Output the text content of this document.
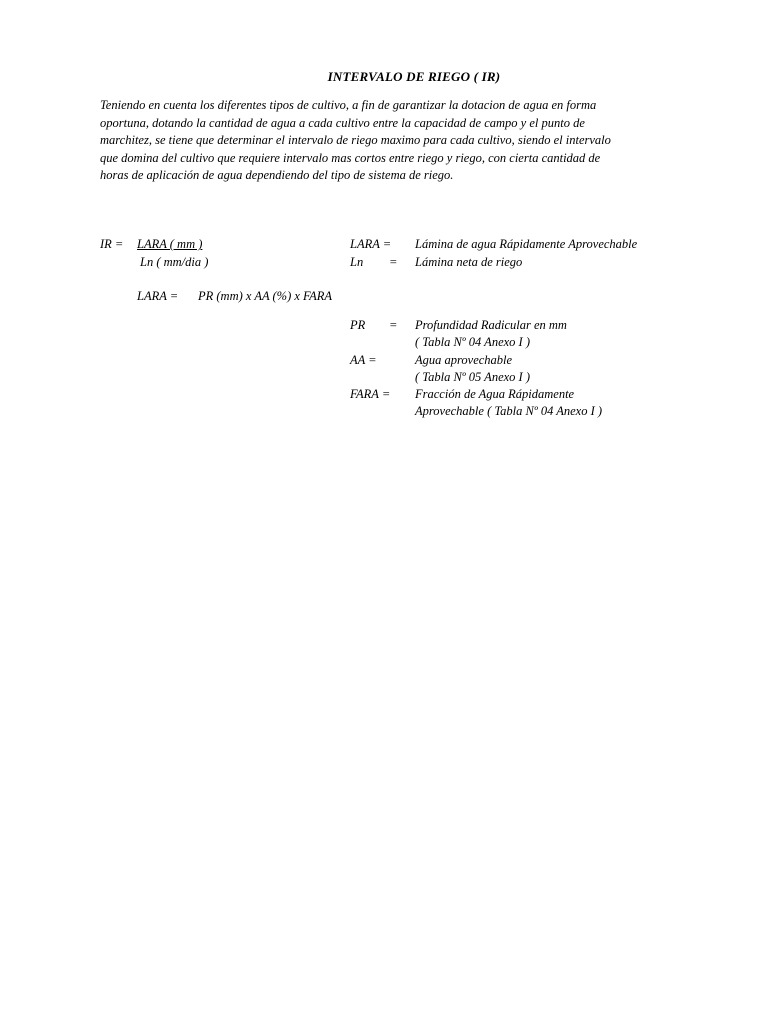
INTERVALO DE RIEGO ( IR)
Teniendo en cuenta los diferentes tipos de cultivo, a fin de garantizar la dotacion de agua en forma
oportuna, dotando la cantidad de agua a cada cultivo entre la capacidad de campo y el punto de
marchitez, se tiene que determinar el intervalo de riego maximo para cada cultivo, siendo el intervalo
que domina del cultivo que requiere intervalo mas cortos entre riego y riego, con cierta cantidad de
horas de aplicación de agua dependiendo del tipo de sistema de riego.
IR = LARA ( mm )
Ln ( mm/dia )
LARA = Lámina de agua Rápidamente Aprovechable
Ln = Lámina neta de riego
LARA = PR (mm) x AA (%) x FARA
PR = Profundidad Radicular en mm
( Tabla Nº 04 Anexo I )
AA =	Agua aprovechable
( Tabla Nº 05 Anexo I )
FARA = Fracción de Agua Rápidamente
Aprovechable ( Tabla Nº 04 Anexo I )
